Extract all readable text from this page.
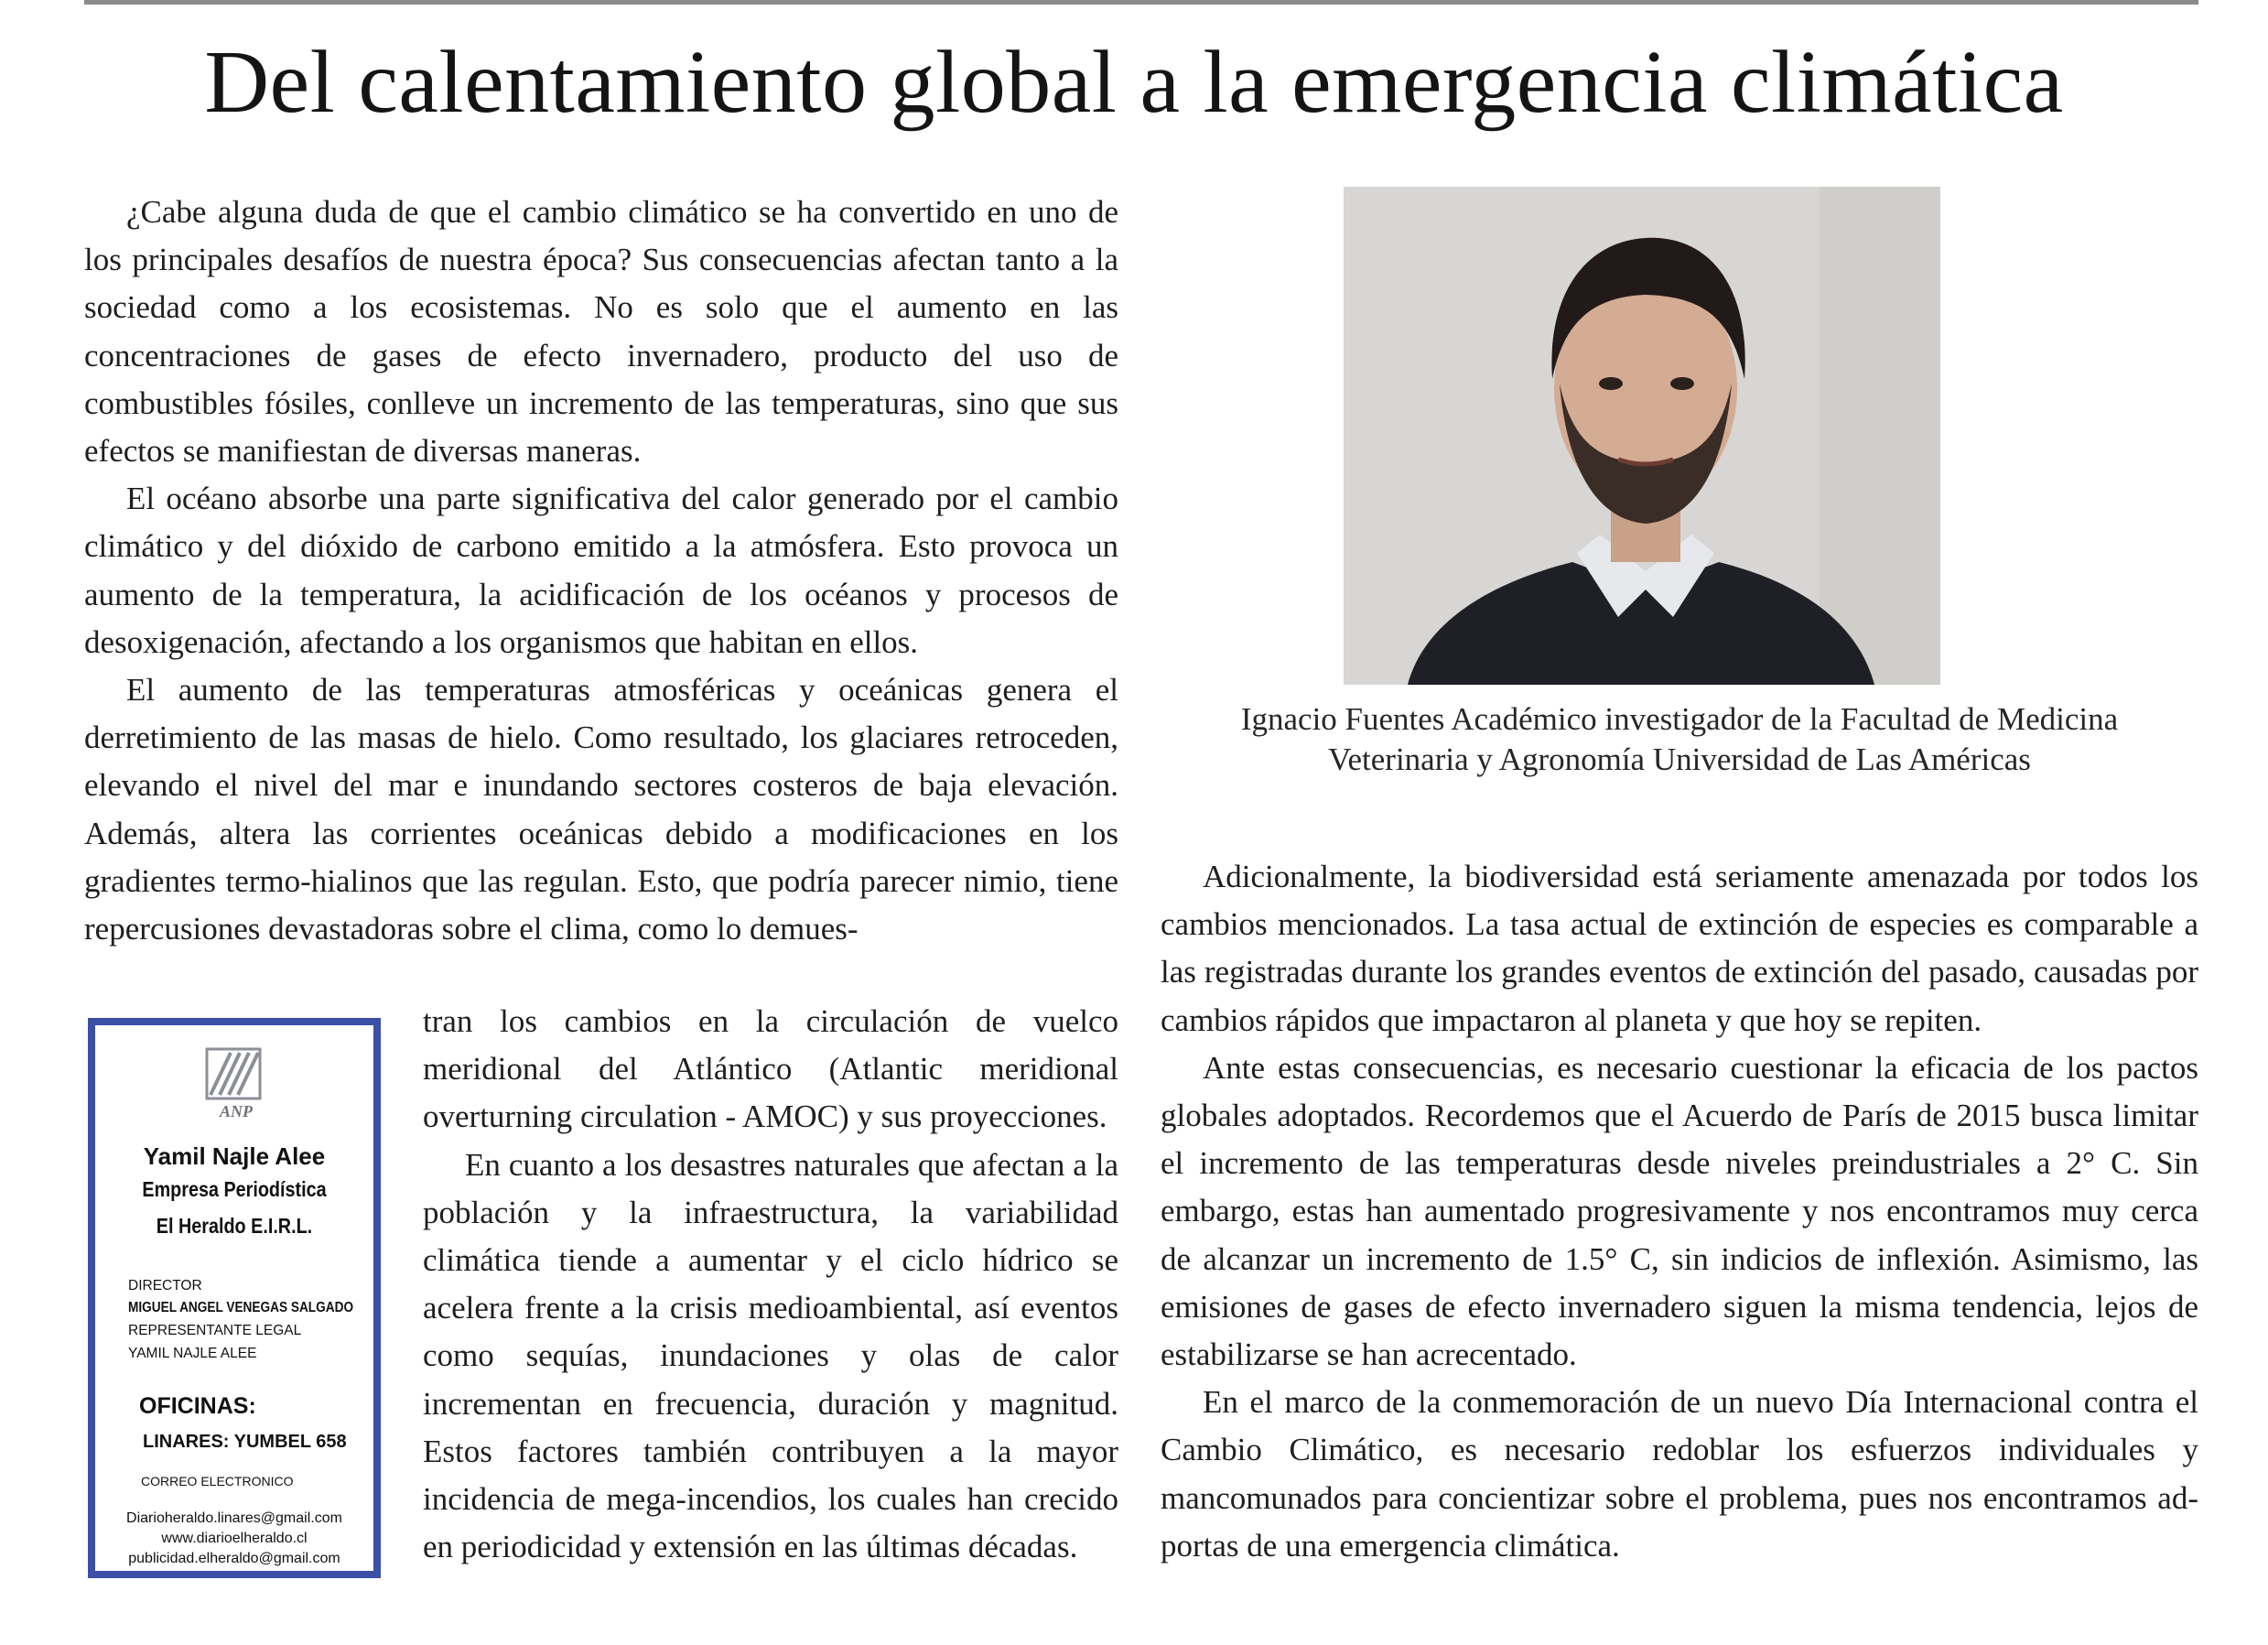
Del calentamiento global a la emergencia climática

¿Cabe alguna duda de que el cambio climático se ha convertido en uno de los principales desafíos de nuestra época? Sus consecuencias afectan tanto a la sociedad como a los ecosistemas. No es solo que el aumento en las concentraciones de gases de efecto invernadero, producto del uso de combustibles fósiles, conlleve un incremento de las temperaturas, sino que sus efectos se manifiestan de diversas maneras.

El océano absorbe una parte significativa del calor generado por el cambio climático y del dióxido de carbono emitido a la atmósfera. Esto provoca un aumento de la temperatura, la acidificación de los océanos y procesos de desoxigenación, afectando a los organismos que habitan en ellos.

El aumento de las temperaturas atmosféricas y oceánicas genera el derretimiento de las masas de hielo. Como resultado, los glaciares retroceden, elevando el nivel del mar e inundando sectores costeros de baja elevación. Además, altera las corrientes oceánicas debido a modificaciones en los gradientes termo-hialinos que las regulan. Esto, que podría parecer nimio, tiene repercusiones devastadoras sobre el clima, como lo demues-

tran los cambios en la circulación de vuelco meridional del Atlántico (Atlantic meridional overturning circulation - AMOC) y sus proyecciones.

En cuanto a los desastres naturales que afectan a la población y la infraestructura, la variabilidad climática tiende a aumentar y el ciclo hídrico se acelera frente a la crisis medioambiental, así eventos como sequías, inundaciones y olas de calor incrementan en frecuencia, duración y magnitud. Estos factores también contribuyen a la mayor incidencia de mega-incendios, los cuales han crecido en periodicidad y extensión en las últimas décadas.

Ignacio Fuentes Académico investigador de la Facultad de Medicina
Veterinaria y Agronomía Universidad de Las Américas

Adicionalmente, la biodiversidad está seriamente amenazada por todos los cambios mencionados. La tasa actual de extinción de especies es comparable a las registradas durante los grandes eventos de extinción del pasado, causadas por cambios rápidos que impactaron al planeta y que hoy se repiten.

Ante estas consecuencias, es necesario cuestionar la eficacia de los pactos globales adoptados. Recordemos que el Acuerdo de París de 2015 busca limitar el incremento de las temperaturas desde niveles preindustriales a 2° C. Sin embargo, estas han aumentado progresivamente y nos encontramos muy cerca de alcanzar un incremento de 1.5° C, sin indicios de inflexión. Asimismo, las emisiones de gases de efecto invernadero siguen la misma tendencia, lejos de estabilizarse se han acrecentado.

En el marco de la conmemoración de un nuevo Día Internacional contra el Cambio Climático, es necesario redoblar los esfuerzos individuales y mancomunados para concientizar sobre el problema, pues nos encontramos ad-portas de una emergencia climática.

ANP
Yamil Najle Alee
Empresa Periodística
El Heraldo E.I.R.L.
DIRECTOR
MIGUEL ANGEL VENEGAS SALGADO
REPRESENTANTE LEGAL
YAMIL NAJLE ALEE
OFICINAS:
LINARES: YUMBEL 658
CORREO ELECTRONICO
Diarioheraldo.linares@gmail.com
www.diarioelheraldo.cl
publicidad.elheraldo@gmail.com
